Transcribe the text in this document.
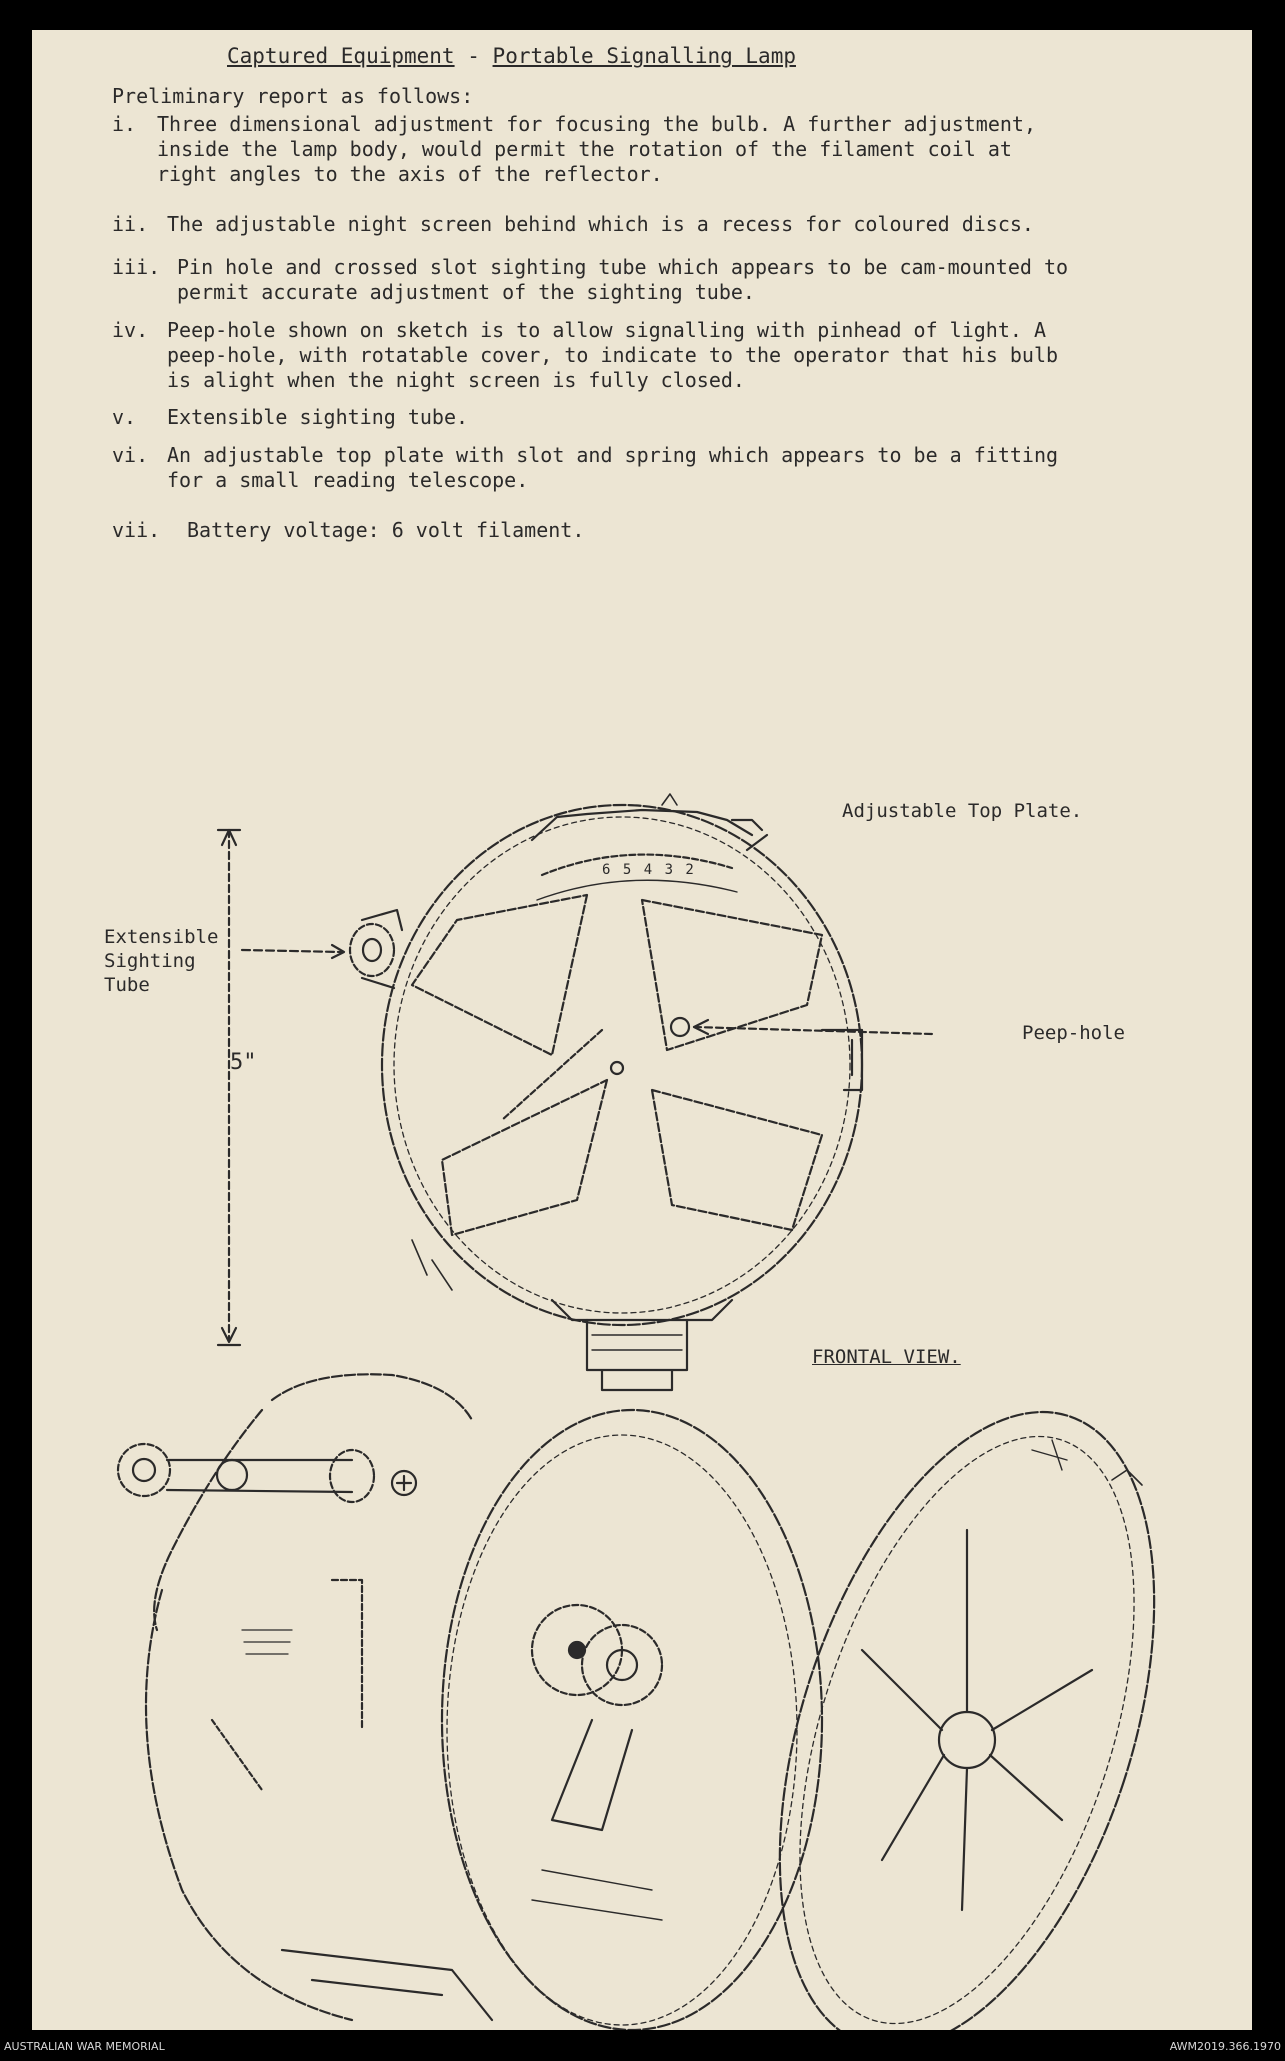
Captured Equipment - Portable Signalling Lamp
Preliminary report as follows:
i. Three dimensional adjustment for focusing the bulb. A further adjustment,
inside the lamp body, would permit the rotation of the filament coil at
right angles to the axis of the reflector.
ii. The adjustable night screen behind which is a recess for coloured discs.
iii. Pin hole and crossed slot sighting tube which appears to be cam-mounted to
permit accurate adjustment of the sighting tube.
iv. Peep-hole shown on sketch is to allow signalling with pinhead of light. A
peep-hole, with rotatable cover, to indicate to the operator that his bulb
is alight when the night screen is fully closed.
v. Extensible sighting tube.
vi. An adjustable top plate with slot and spring which appears to be a fitting
for a small reading telescope.
vii. Battery voltage: 6 volt filament.
Adjustable Top Plate.
Extensible
Sighting
Tube
5"
Peep-hole
FRONTAL VIEW.
6 5 4 3 2
AUSTRALIAN WAR MEMORIAL	AWM2019.366.1970
